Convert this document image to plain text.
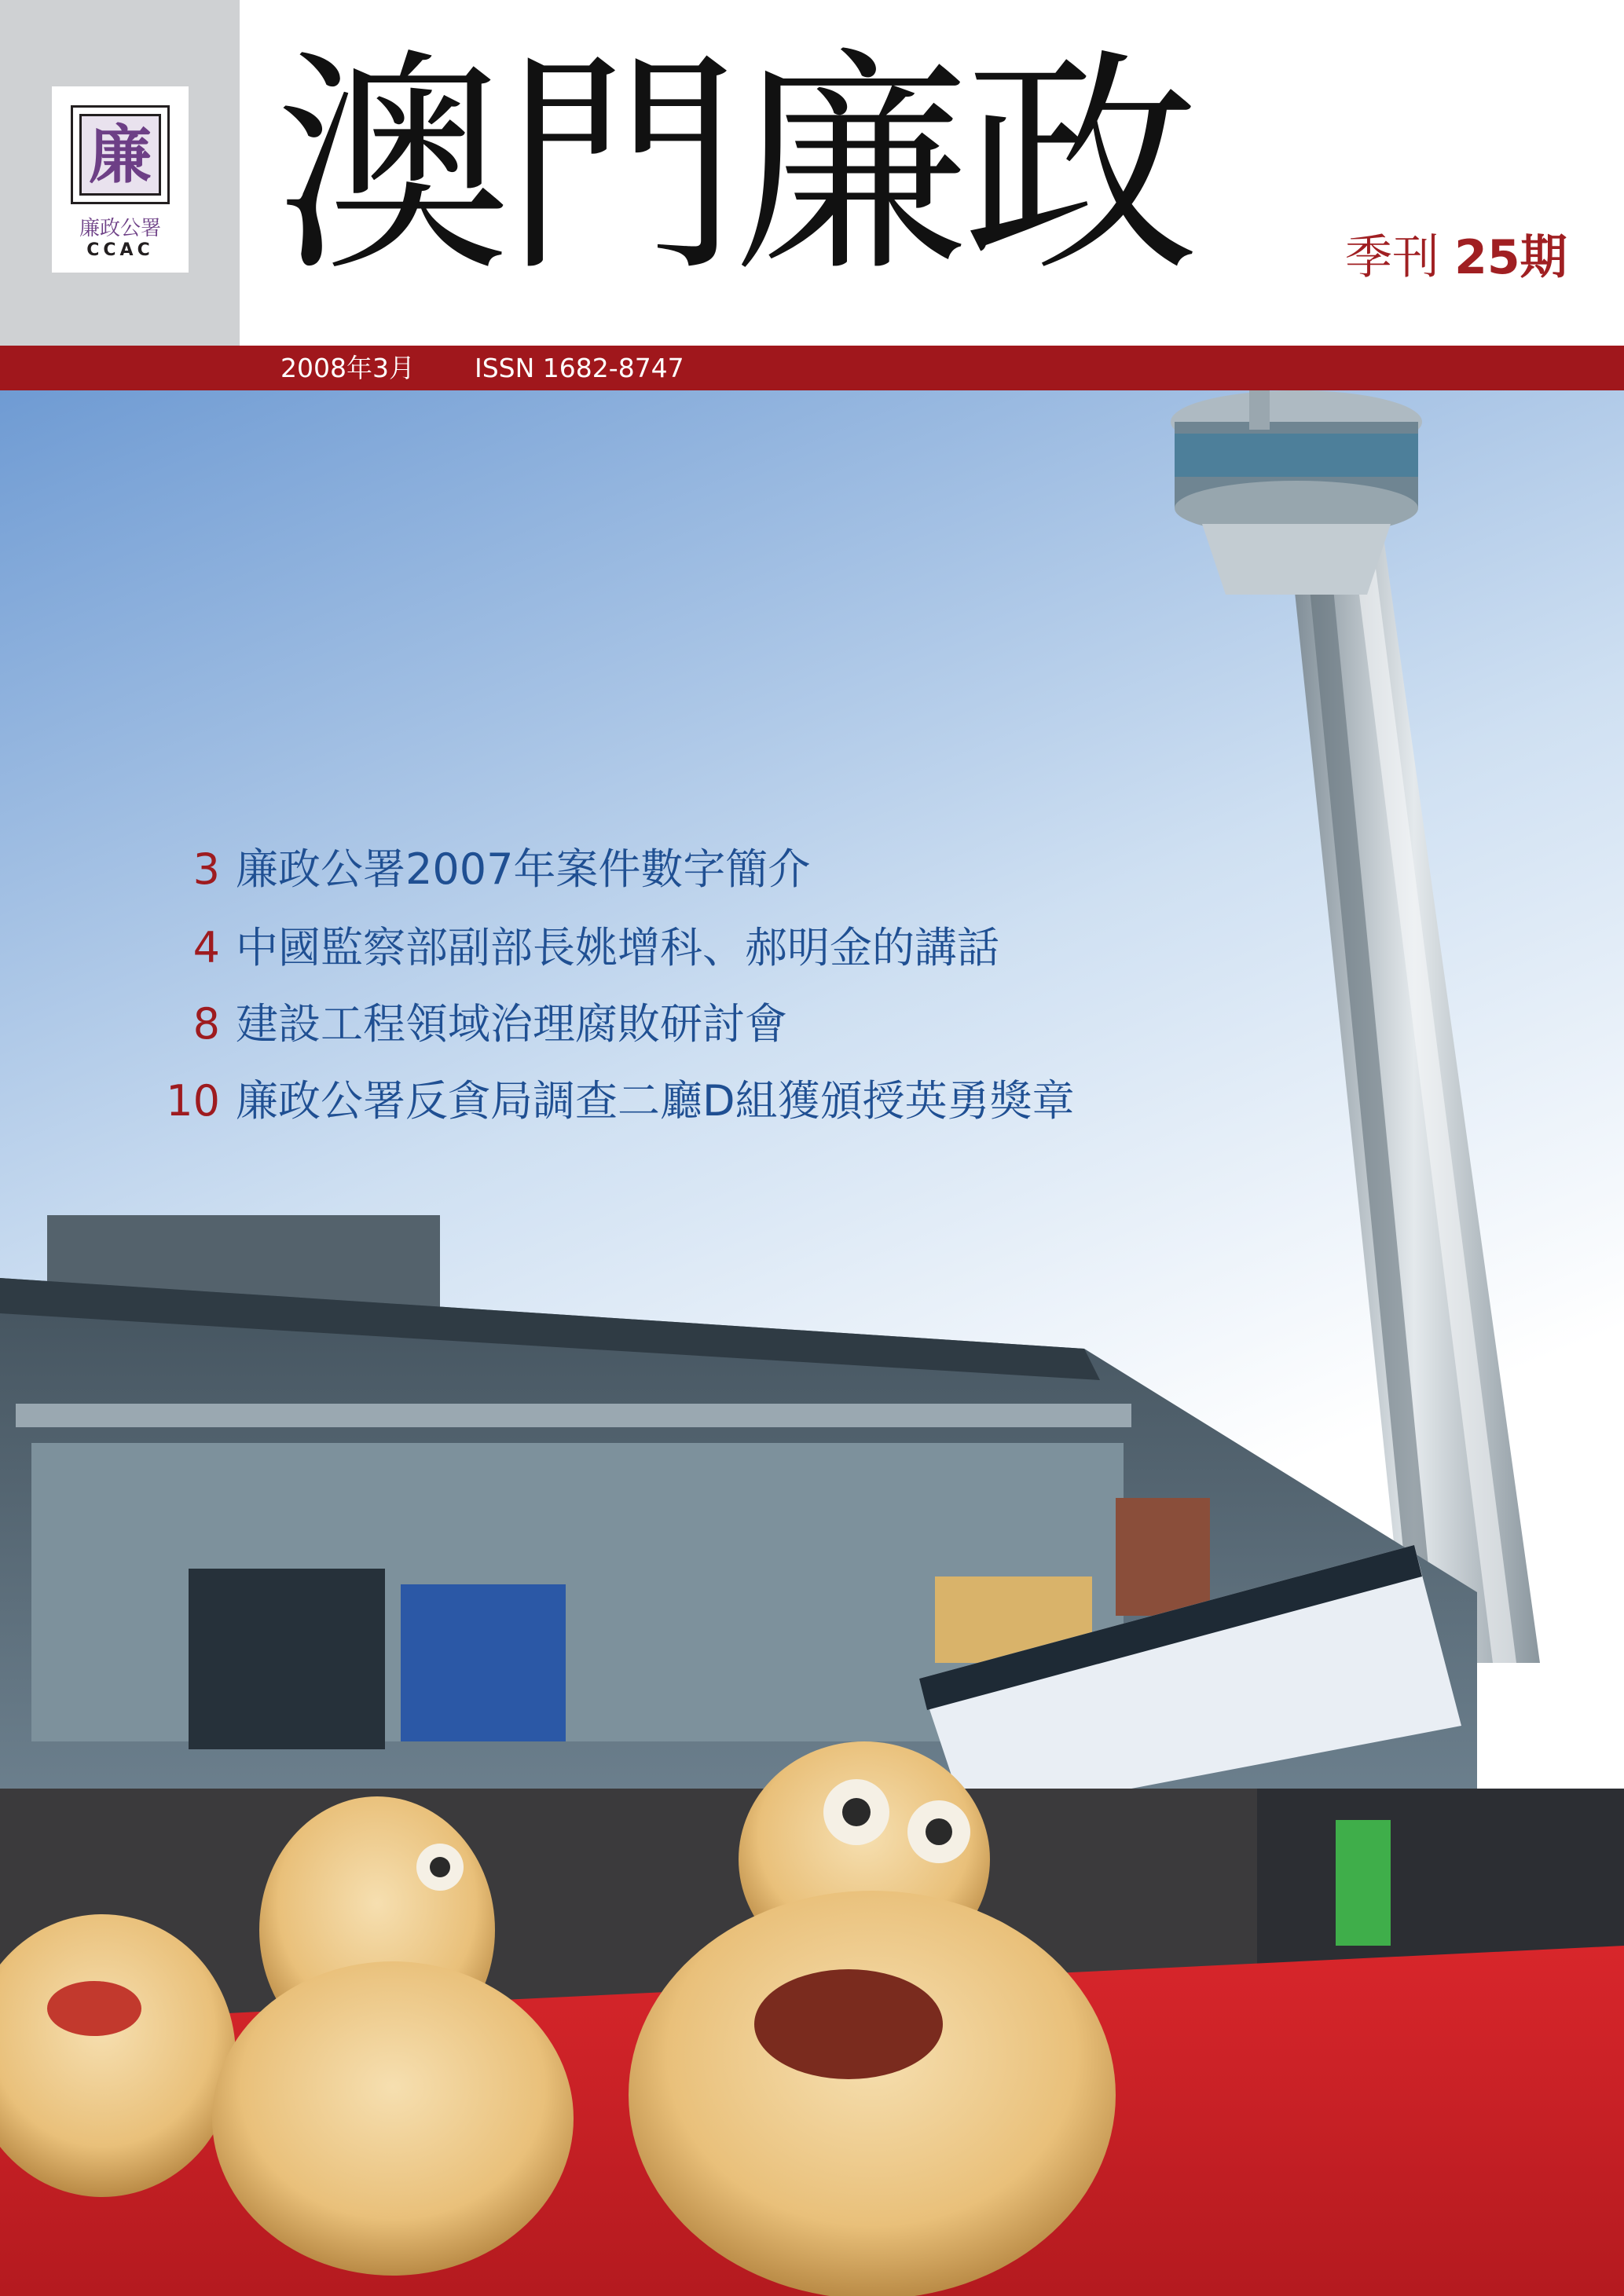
廉
廉政公署
CCAC 澳門廉政	季刊 25期
2008年3月 ISSN 1682-8747
3 廉政公署2007年案件數字簡介
4 中國監察部副部長姚增科、郝明金的講話
8 建設工程領域治理腐敗研討會
10 廉政公署反貪局調查二廳D組獲頒授英勇獎章
